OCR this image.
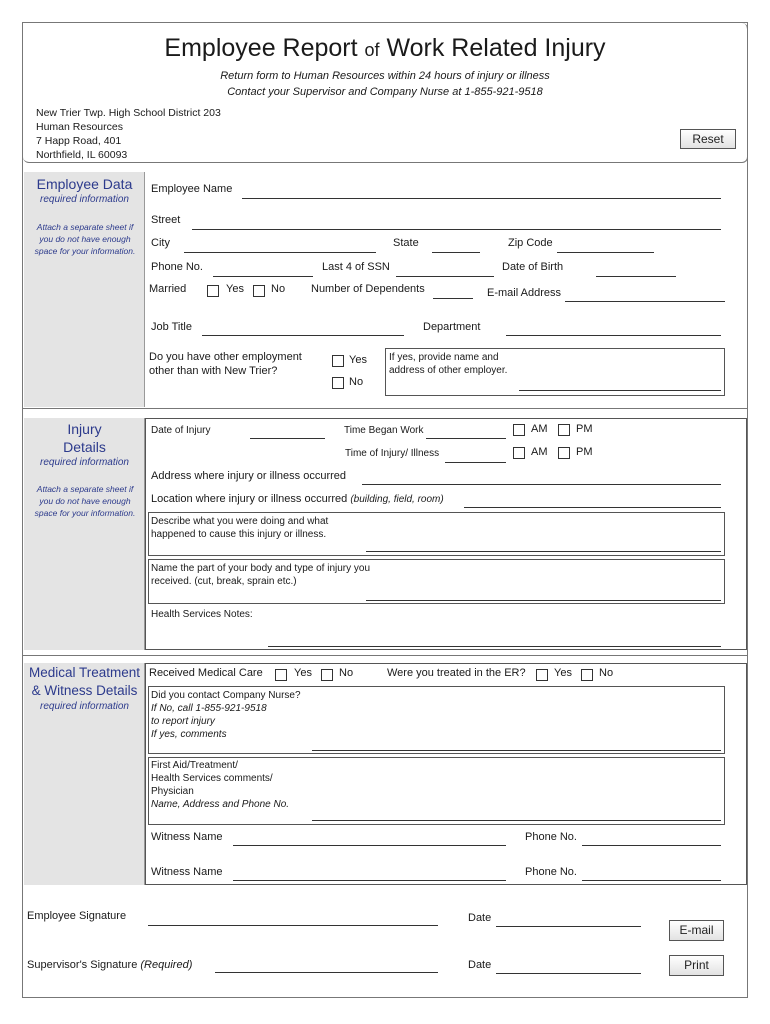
Employee Report of Work Related Injury
Return form to Human Resources within 24 hours of injury or illness
Contact your Supervisor and Company Nurse at 1-855-921-9518
New Trier Twp. High School District 203
Human Resources
7 Happ Road, 401
Northfield, IL 60093
Reset
Employee Data
required information
Attach a separate sheet if you do not have enough space for your information.
Employee Name
Street
City	State	Zip Code
Phone No.	Last 4 of SSN	Date of Birth
Married	Yes No Number of Dependents	E-mail Address
Job Title	Department
Do you have other employment other than with New Trier?
Yes
No
If yes, provide name and address of other employer.
Injury
Details
required information
Attach a separate sheet if you do not have enough space for your information.
Date of Injury	Time Began Work	AM	PM
Time of Injury/ Illness	AM	PM
Address where injury or illness occurred
Location where injury or illness occurred (building, field, room)
Describe what you were doing and what happened to cause this injury or illness.
Name the part of your body and type of injury you received. (cut, break, sprain etc.)
Health Services Notes:
Medical Treatment
& Witness Details
required information
Received Medical Care	Yes No	Were you treated in the ER?	Yes No
Did you contact Company Nurse?
If No, call 1-855-921-9518
to report injury
If yes, comments
First Aid/Treatment/
Health Services comments/
Physician
Name, Address and Phone No.
Witness Name	Phone No.
Witness Name	Phone No.
Employee Signature	Date
E-mail
Supervisor's Signature (Required)	Date	Print
